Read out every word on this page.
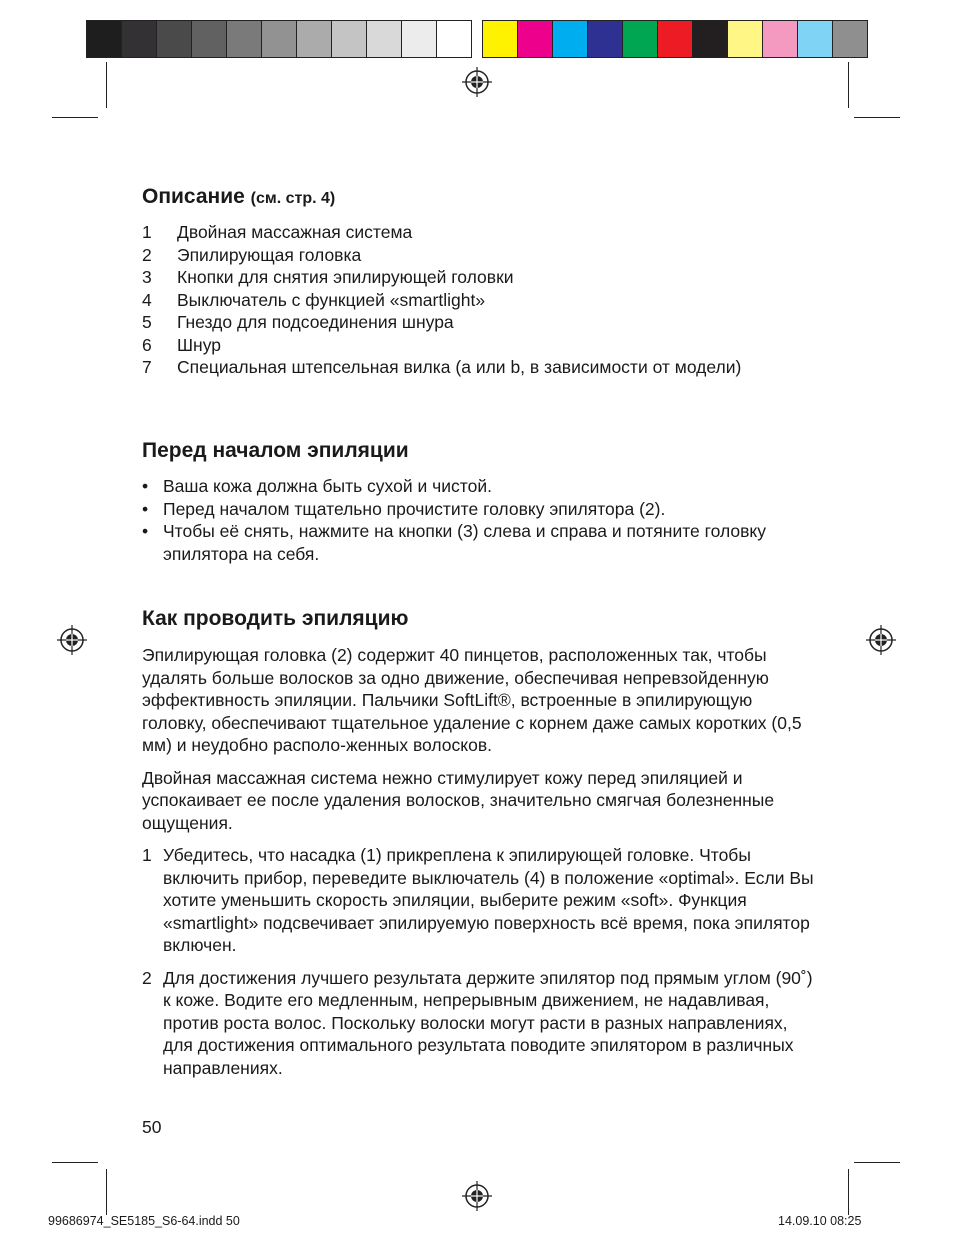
Описание (см. стр. 4)
1	Двойная массажная система
2	Эпилирующая головка
3	Кнопки для снятия эпилирующей головки
4	Выключатель с функцией «smartlight»
5	Гнездо для подсоединения шнура
6	Шнур
7	Специальная штепсельная вилка (a или b, в зависимости от модели)
Перед началом эпиляции
• Ваша кожа должна быть сухой и чистой.
• Перед началом тщательно прочистите головку эпилятора (2).
• Чтобы её снять, нажмите на кнопки (3) слева и справа и потяните головку эпилятора на себя.
Как проводить эпиляцию

Эпилирующая головка (2) содержит 40 пинцетов, расположенных так, чтобы удалять больше волосков за одно движение, обеспечивая непревзойденную эффективность эпиляции. Пальчики SoftLift®, встроенные в эпилирующую головку, обеспечивают тщательное удаление с корнем даже самых коротких (0,5 мм) и неудобно располо-женных волосков.

Двойная массажная система нежно стимулирует кожу перед эпиляцией и успокаивает ее после удаления волосков, значительно смягчая болезненные ощущения.

1 Убедитесь, что насадка (1) прикреплена к эпилирующей головке. Чтобы включить прибор, переведите выключатель (4) в положение «optimal». Если Вы хотите уменьшить скорость эпиляции, выберите режим «soft». Функция «smartlight» подсвечивает эпилируемую поверхность всё время, пока эпилятор включен.
2 Для достижения лучшего результата держите эпилятор под прямым углом (90˚) к коже. Водите его медленным, непрерывным движением, не надавливая, против роста волос. Поскольку волоски могут расти в разных направлениях, для достижения оптимального результата поводите эпилятором в различных направлениях.
50
99686974_SE5185_S6-64.indd 50	14.09.10 08:25
